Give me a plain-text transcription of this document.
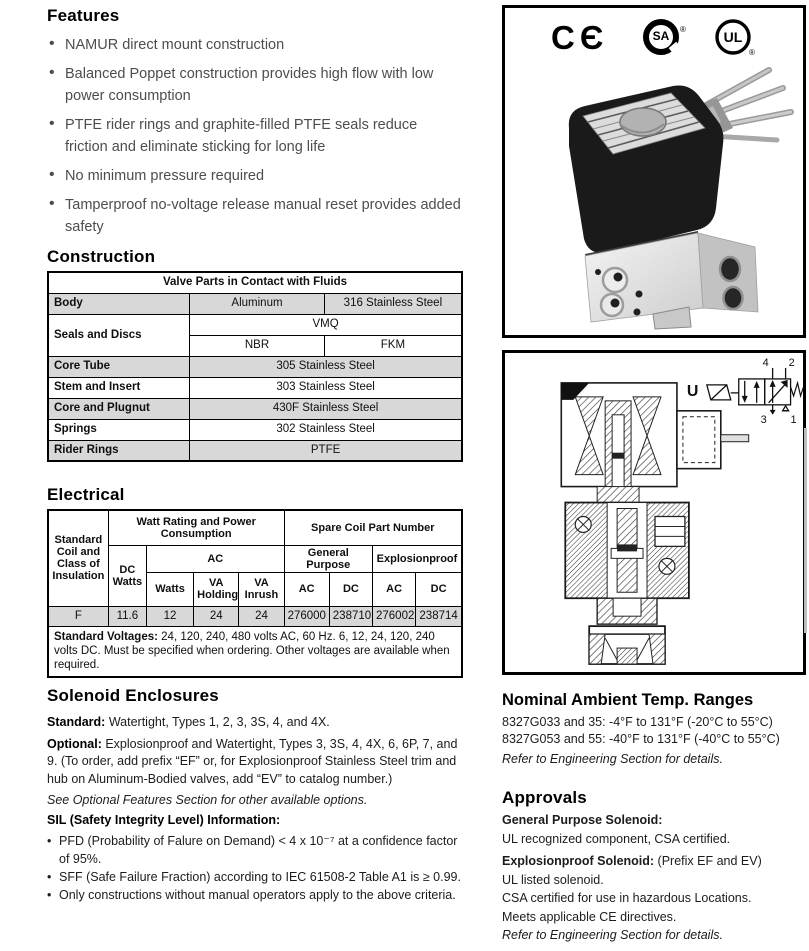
Features
• NAMUR direct mount construction
• Balanced Poppet construction provides high flow with low power consumption
• PTFE rider rings and graphite-filled PTFE seals reduce friction and eliminate sticking for long life
• No minimum pressure required
• Tamperproof no-voltage release manual reset provides added safety
Construction
Valve Parts in Contact with Fluids		
Body	Aluminum	316 Stainless Steel
Seals and Discs	VMQ	
	NBR	FKM
Core Tube	305 Stainless Steel	
Stem and Insert	303 Stainless Steel	
Core and Plugnut	430F Stainless Steel	
Springs	302 Stainless Steel	
Rider Rings	PTFE	
Electrical
Standard Coil and Class of Insulation	Watt Rating and Power Consumption				Spare Coil Part Number			
	DC Watts	AC			General Purpose		Explosionproof	
		Watts	VA Holding	VA Inrush	AC	DC	AC	DC
F	11.6	12	24	24	276000	238710	276002	238714
Standard Voltages: 24, 120, 240, 480 volts AC, 60 Hz. 6, 12, 24, 120, 240 volts DC. Must be specified when ordering. Other voltages are available when required.								
Solenoid Enclosures

Standard: Watertight, Types 1, 2, 3, 3S, 4, and 4X.

Optional: Explosionproof and Watertight, Types 3, 3S, 4, 4X, 6, 6P, 7, and 9. (To order, add prefix “EF” or, for Explosionproof Stainless Steel trim and hub on Aluminum-Bodied valves, add “EV” to catalog number.)

See Optional Features Section for other available options.

SIL (Safety Integrity Level) Information:

• PFD (Probability of Falure on Demand) < 4 x 10⁻⁷ at a confidence factor of 95%.
• SFF (Safe Failure Fraction) according to IEC 61508-2 Table A1 is ≥ 0.99.
• Only constructions without manual operators apply to the above criteria.
CЄ	SA ®	UL
®
U
4 2
3 1
Nominal Ambient Temp. Ranges

8327G033 and 35: -4°F to 131°F (-20°C to 55°C)

8327G053 and 55: -40°F to 131°F (-40°C to 55°C)

Refer to Engineering Section for details.

Approvals

General Purpose Solenoid:

UL recognized component, CSA certified.

Explosionproof Solenoid: (Prefix EF and EV)

UL listed solenoid.

CSA certified for use in hazardous Locations.

Meets applicable CE directives.

Refer to Engineering Section for details.
